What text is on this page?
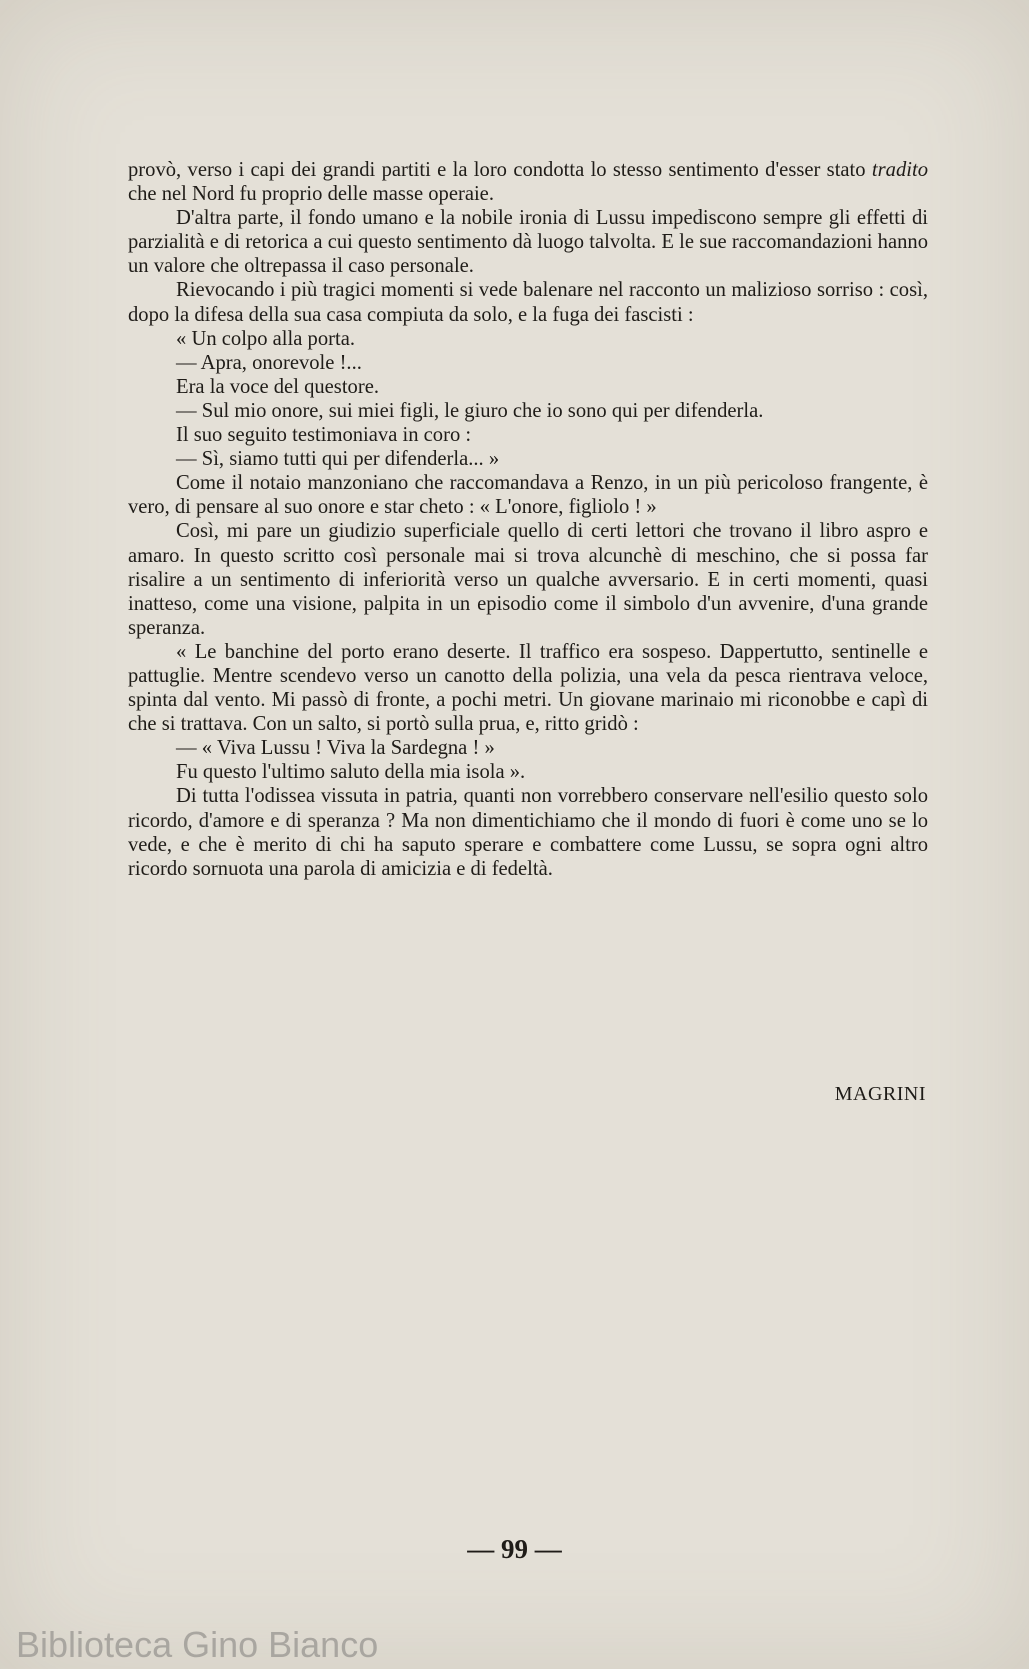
provò, verso i capi dei grandi partiti e la loro condotta lo stesso sentimento d'esser stato tradito che nel Nord fu proprio delle masse operaie.

D'altra parte, il fondo umano e la nobile ironia di Lussu impediscono sempre gli effetti di parzialità e di retorica a cui questo sentimento dà luogo talvolta. E le sue raccomandazioni hanno un valore che oltrepassa il caso personale.

Rievocando i più tragici momenti si vede balenare nel racconto un malizioso sorriso : così, dopo la difesa della sua casa compiuta da solo, e la fuga dei fascisti :

« Un colpo alla porta.

— Apra, onorevole !...

Era la voce del questore.

— Sul mio onore, sui miei figli, le giuro che io sono qui per difenderla.

Il suo seguito testimoniava in coro :

— Sì, siamo tutti qui per difenderla... »

Come il notaio manzoniano che raccomandava a Renzo, in un più pericoloso frangente, è vero, di pensare al suo onore e star cheto : « L'onore, figliolo ! »

Così, mi pare un giudizio superficiale quello di certi lettori che trovano il libro aspro e amaro. In questo scritto così personale mai si trova alcunchè di meschino, che si possa far risalire a un sentimento di inferiorità verso un qualche avversario. E in certi momenti, quasi inatteso, come una visione, palpita in un episodio come il simbolo d'un avvenire, d'una grande speranza.

« Le banchine del porto erano deserte. Il traffico era sospeso. Dappertutto, sentinelle e pattuglie. Mentre scendevo verso un canotto della polizia, una vela da pesca rientrava veloce, spinta dal vento. Mi passò di fronte, a pochi metri. Un giovane marinaio mi riconobbe e capì di che si trattava. Con un salto, si portò sulla prua, e, ritto gridò :

— « Viva Lussu ! Viva la Sardegna ! »

Fu questo l'ultimo saluto della mia isola ».

Di tutta l'odissea vissuta in patria, quanti non vorrebbero conservare nell'esilio questo solo ricordo, d'amore e di speranza ? Ma non dimentichiamo che il mondo di fuori è come uno se lo vede, e che è merito di chi ha saputo sperare e combattere come Lussu, se sopra ogni altro ricordo sornuota una parola di amicizia e di fedeltà.

MAGRINI
— 99 —
Biblioteca Gino Bianco
